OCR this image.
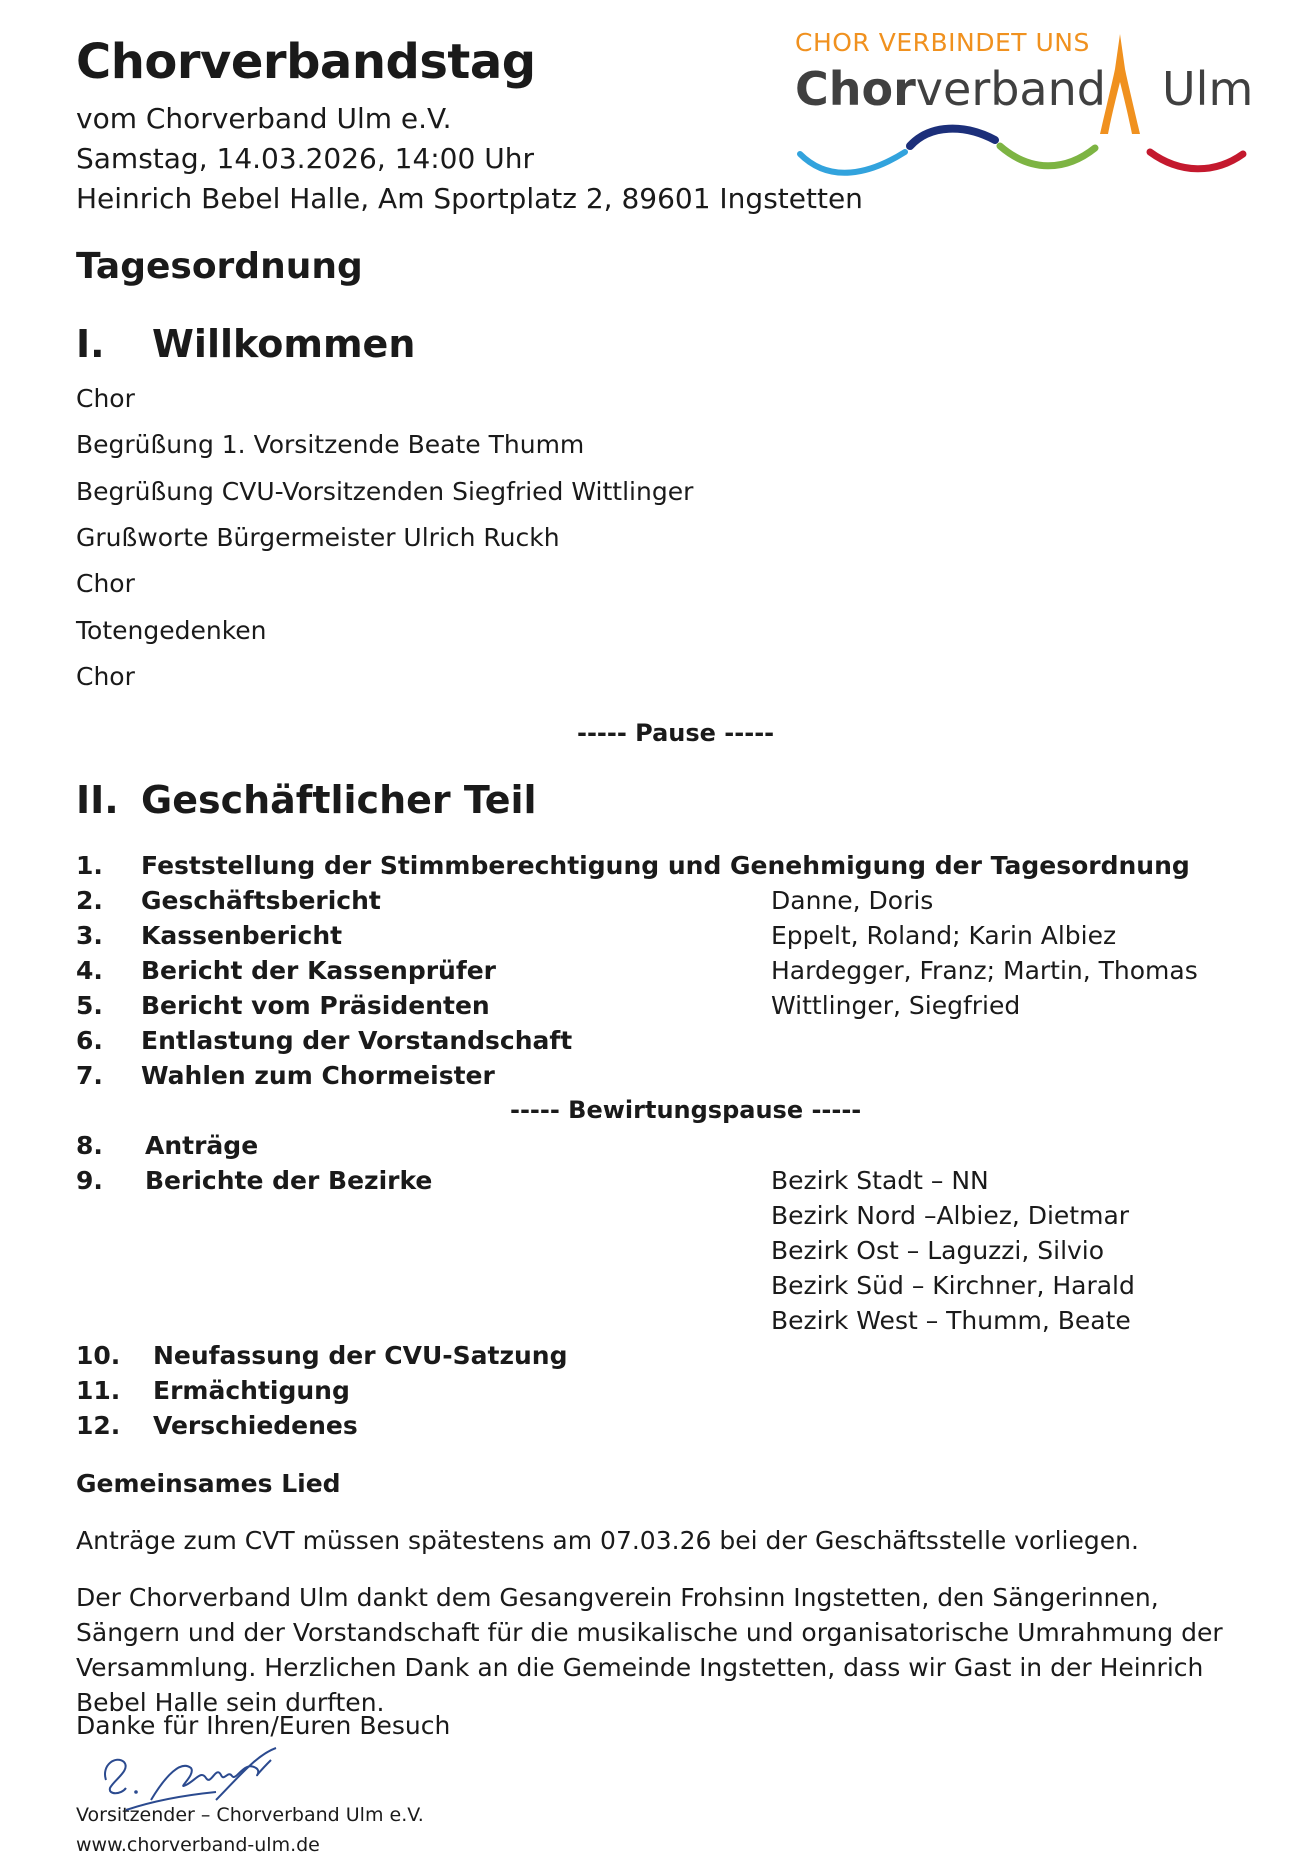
Chorverbandstag
vom Chorverband Ulm e.V.
Samstag, 14.03.2026, 14:00 Uhr
Heinrich Bebel Halle, Am Sportplatz 2, 89601 Ingstetten
CHOR VERBINDET UNS
Chorverband Ulm
Tagesordnung
I. Willkommen
Chor
Begrüßung 1. Vorsitzende Beate Thumm
Begrüßung CVU-Vorsitzenden Siegfried Wittlinger
Grußworte Bürgermeister Ulrich Ruckh
Chor
Totengedenken
Chor
----- Pause -----
II. Geschäftlicher Teil
1. Feststellung der Stimmberechtigung und Genehmigung der Tagesordnung
2. Geschäftsbericht	Danne, Doris
3. Kassenbericht	Eppelt, Roland; Karin Albiez
4. Bericht der Kassenprüfer	Hardegger, Franz; Martin, Thomas
5. Bericht vom Präsidenten	Wittlinger, Siegfried
6. Entlastung der Vorstandschaft
7. Wahlen zum Chormeister
----- Bewirtungspause -----
8. Anträge
9. Berichte der Bezirke	Bezirk Stadt – NN
Bezirk Nord –Albiez, Dietmar
Bezirk Ost – Laguzzi, Silvio
Bezirk Süd – Kirchner, Harald
Bezirk West – Thumm, Beate
10. Neufassung der CVU-Satzung
11. Ermächtigung
12. Verschiedenes
Gemeinsames Lied
Anträge zum CVT müssen spätestens am 07.03.26 bei der Geschäftsstelle vorliegen.
Der Chorverband Ulm dankt dem Gesangverein Frohsinn Ingstetten, den Sängerinnen, Sängern und der Vorstandschaft für die musikalische und organisatorische Umrahmung der Versammlung. Herzlichen Dank an die Gemeinde Ingstetten, dass wir Gast in der Heinrich Bebel Halle sein durften.
Danke für Ihren/Euren Besuch
Vorsitzender – Chorverband Ulm e.V.
www.chorverband-ulm.de
